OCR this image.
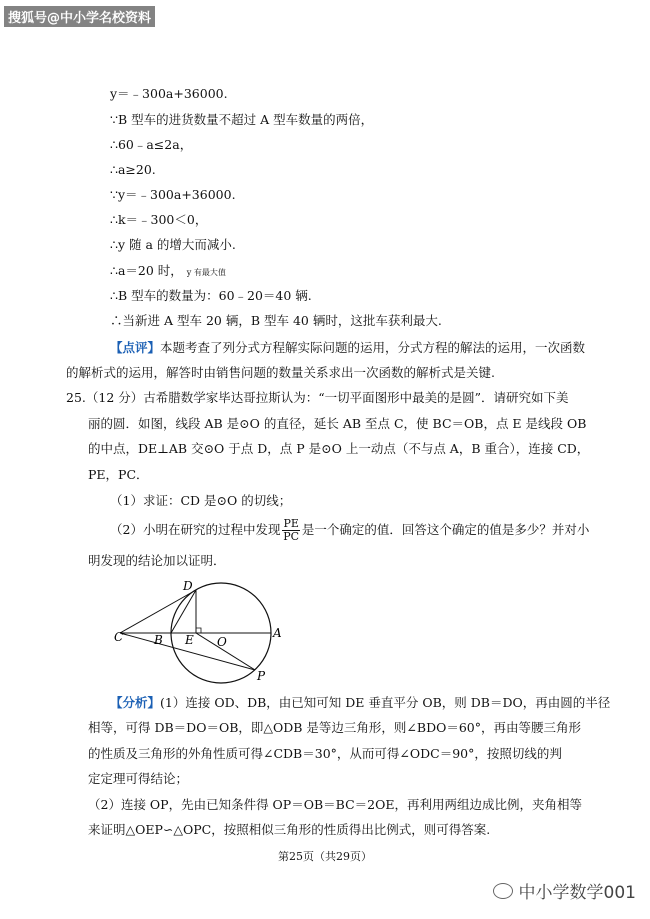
搜狐号@中小学名校资料
y＝﹣300a+36000.
∵B 型车的进货数量不超过 A 型车数量的两倍，
∴60﹣a≤2a，
∴a≥20.
∵y＝﹣300a+36000.
∴k＝﹣300＜0，
∴y 随 a 的增大而减小.
∴a＝20 时， y 有最大值
∴B 型车的数量为：60﹣20＝40 辆.
∴当新进 A 型车 20 辆，B 型车 40 辆时，这批车获利最大.
【点评】本题考查了列分式方程解实际问题的运用，分式方程的解法的运用，一次函数
的解析式的运用，解答时由销售问题的数量关系求出一次函数的解析式是关键.
25.（12 分）古希腊数学家毕达哥拉斯认为：“一切平面图形中最美的是圆”．请研究如下美
丽的圆．如图，线段 AB 是⊙O 的直径，延长 AB 至点 C，使 BC＝OB，点 E 是线段 OB
的中点，DE⊥AB 交⊙O 于点 D，点 P 是⊙O 上一动点（不与点 A，B 重合），连接 CD，
PE，PC．
（1）求证：CD 是⊙O 的切线；
（2）小明在研究的过程中发现 $\frac{PE}{PC}$ 是一个确定的值．回答这个确定的值是多少？并对小
明发现的结论加以证明．
C	B E O
A
D
P
【分析】(1）连接 OD、DB，由已知可知 DE 垂直平分 OB，则 DB＝DO，再由圆的半径
相等，可得 DB＝DO＝OB，即△ODB 是等边三角形，则∠BDO＝60°，再由等腰三角形
的性质及三角形的外角性质可得∠CDB＝30°，从而可得∠ODC＝90°，按照切线的判
定定理可得结论；
（2）连接 OP，先由已知条件得 OP＝OB＝BC＝2OE，再利用两组边成比例，夹角相等
来证明△OEP∽△OPC，按照相似三角形的性质得出比例式，则可得答案.
第25页（共29页）
中小学数学001
